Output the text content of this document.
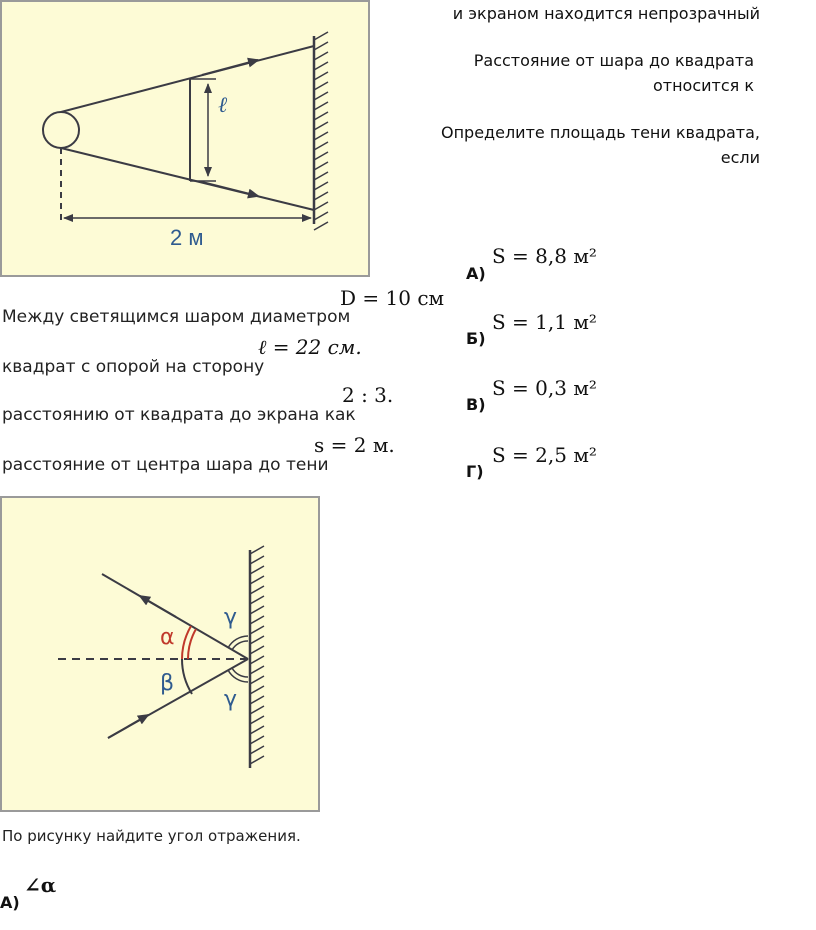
ℓ
2 м
и экраном находится непрозрачный
Расстояние от шара до квадрата
относится к
Определите площадь тени квадрата,
если
Между светящимся шаром диаметром
квадрат с опорой на сторону
расстоянию от квадрата до экрана как
расстояние от центра шара до тени
D = 10 см
ℓ = 22 см.
2 : 3.
s = 2 м.
А)
S = 8,8 м²
Б)
S = 1,1 м²
В)
S = 0,3 м²
Г)
S = 2,5 м²
α
β
γ
γ
По рисунку найдите угол отражения.
А)
∠α
